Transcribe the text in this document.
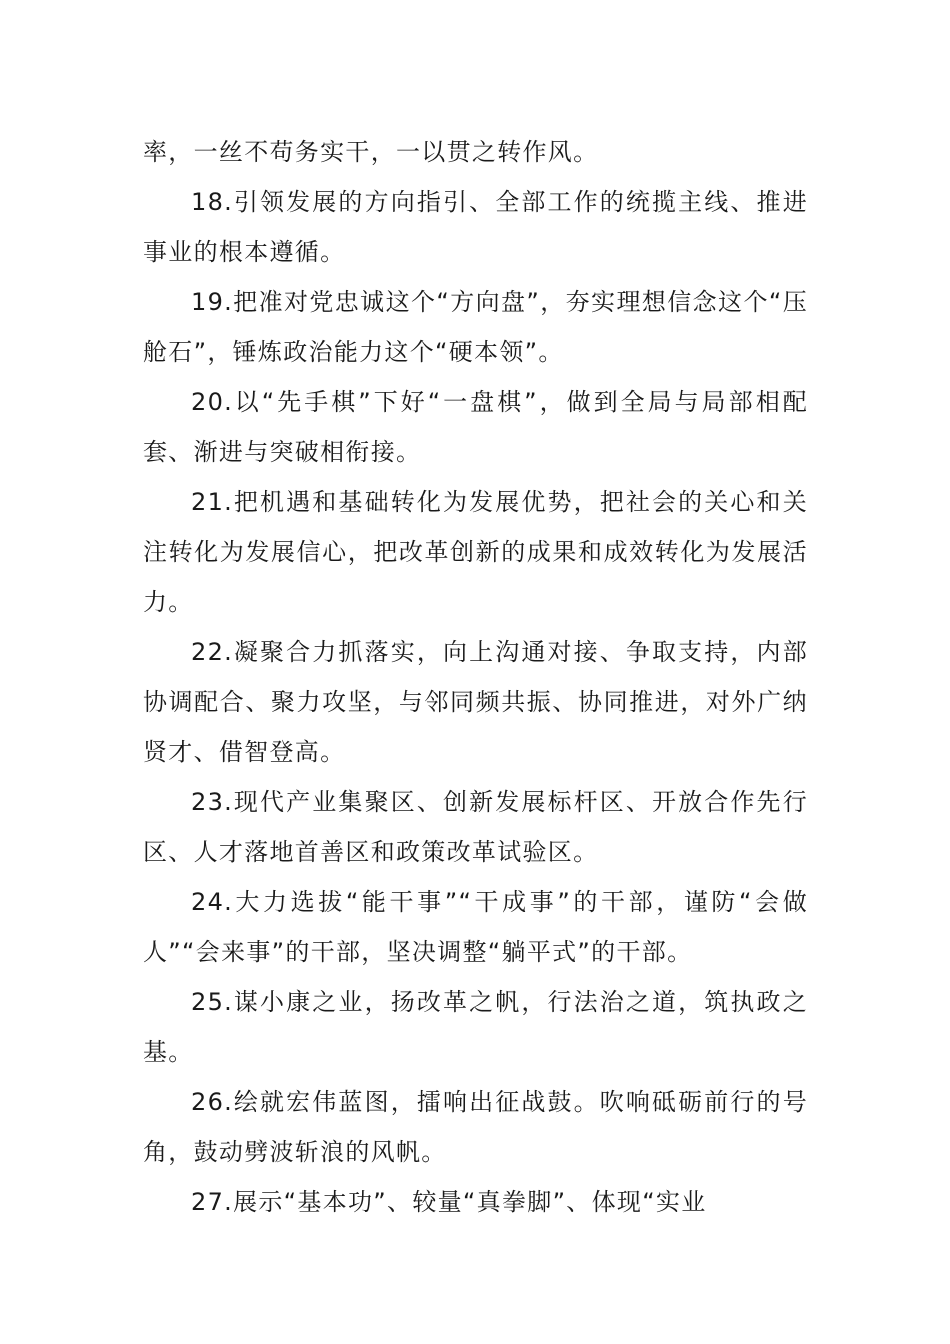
率，一丝不苟务实干，一以贯之转作风。

18.引领发展的方向指引、全部工作的统揽主线、推进事业的根本遵循。

19.把准对党忠诚这个“方向盘”，夯实理想信念这个“压舱石”，锤炼政治能力这个“硬本领”。

20.以“先手棋”下好“一盘棋”，做到全局与局部相配套、渐进与突破相衔接。

21.把机遇和基础转化为发展优势，把社会的关心和关注转化为发展信心，把改革创新的成果和成效转化为发展活力。

22.凝聚合力抓落实，向上沟通对接、争取支持，内部协调配合、聚力攻坚，与邻同频共振、协同推进，对外广纳贤才、借智登高。

23.现代产业集聚区、创新发展标杆区、开放合作先行区、人才落地首善区和政策改革试验区。

24.大力选拔“能干事”“干成事”的干部，谨防“会做人”“会来事”的干部，坚决调整“躺平式”的干部。

25.谋小康之业，扬改革之帆，行法治之道，筑执政之基。

26.绘就宏伟蓝图，擂响出征战鼓。吹响砥砺前行的号角，鼓动劈波斩浪的风帆。

27.展示“基本功”、较量“真拳脚”、体现“实业
